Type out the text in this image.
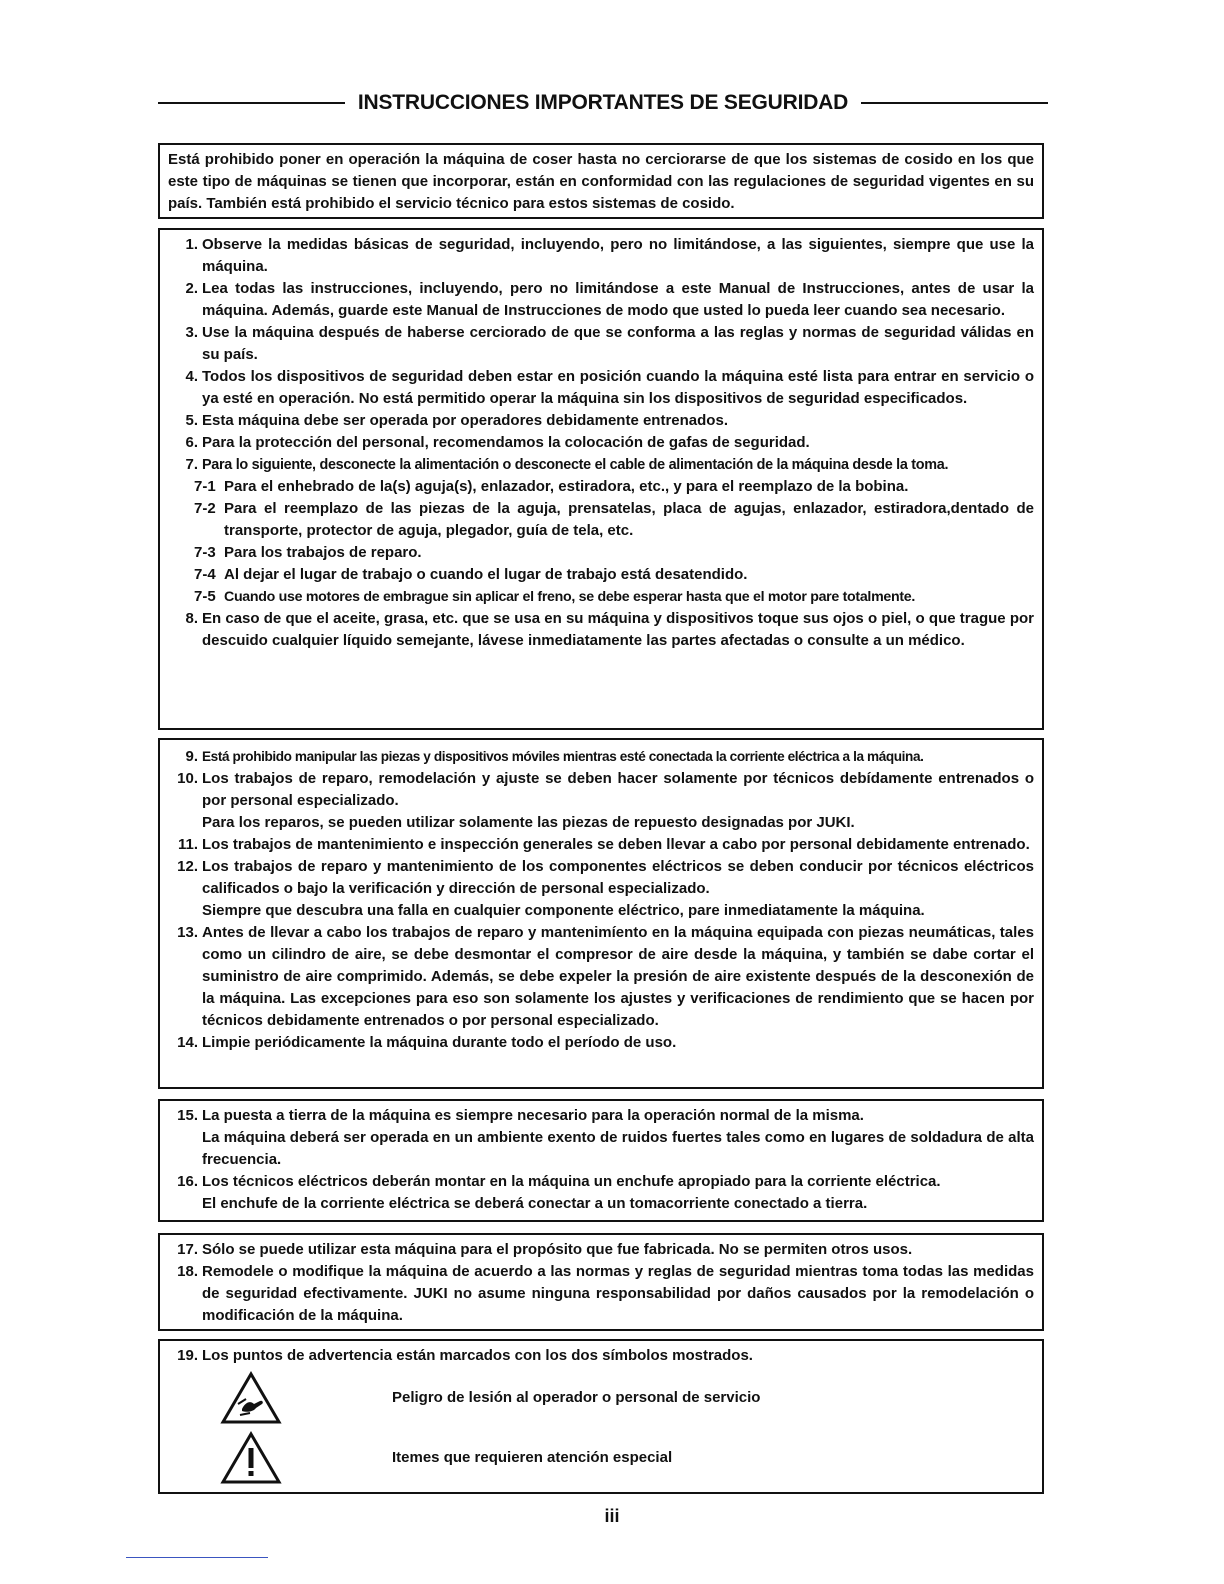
INSTRUCCIONES IMPORTANTES DE SEGURIDAD
Está prohibido poner en operación la máquina de coser hasta no cerciorarse de que los sistemas de cosido en los que este tipo de máquinas se tienen que incorporar, están en conformidad con las regulaciones de seguridad vigentes en su país. También está prohibido el servicio técnico para estos sistemas de cosido.
1. Observe la medidas básicas de seguridad, incluyendo, pero no limitándose, a las siguientes, siempre que use la máquina.
2. Lea todas las instrucciones, incluyendo, pero no limitándose a este Manual de Instrucciones, antes de usar la máquina. Además, guarde este Manual de Instrucciones de modo que usted lo pueda leer cuando sea necesario.
3. Use la máquina después de haberse cerciorado de que se conforma a las reglas y normas de seguridad válidas en su país.
4. Todos los dispositivos de seguridad deben estar en posición cuando la máquina esté lista para entrar en servicio o ya esté en operación. No está permitido operar la máquina sin los dispositivos de seguridad especificados.
5. Esta máquina debe ser operada por operadores debidamente entrenados.
6. Para la protección del personal, recomendamos la colocación de gafas de seguridad.
7. Para lo siguiente, desconecte la alimentación o desconecte el cable de alimentación de la máquina desde la toma.
7-1 Para el enhebrado de la(s) aguja(s), enlazador, estiradora, etc., y para el reemplazo de la bobina.
7-2 Para el reemplazo de las piezas de la aguja, prensatelas, placa de agujas, enlazador, estiradora,dentado de transporte, protector de aguja, plegador, guía de tela, etc.
7-3 Para los trabajos de reparo.
7-4 Al dejar el lugar de trabajo o cuando el lugar de trabajo está desatendido.
7-5 Cuando use motores de embrague sin aplicar el freno, se debe esperar hasta que el motor pare totalmente.
8. En caso de que el aceite, grasa, etc. que se usa en su máquina y dispositivos toque sus ojos o piel, o que trague por descuido cualquier líquido semejante, lávese inmediatamente las partes afectadas o consulte a un médico.
9. Está prohibido manipular las piezas y dispositivos móviles mientras esté conectada la corriente eléctrica a la máquina.
10. Los trabajos de reparo, remodelación y ajuste se deben hacer solamente por técnicos debídamente entrenados o por personal especializado.
Para los reparos, se pueden utilizar solamente las piezas de repuesto designadas por JUKI.
11. Los trabajos de mantenimiento e inspección generales se deben llevar a cabo por personal debidamente entrenado.
12. Los trabajos de reparo y mantenimiento de los componentes eléctricos se deben conducir por técnicos eléctricos calificados o bajo la verificación y dirección de personal especializado.
Siempre que descubra una falla en cualquier componente eléctrico, pare inmediatamente la máquina.
13. Antes de llevar a cabo los trabajos de reparo y mantenimíento en la máquina equipada con piezas neumáticas, tales como un cilindro de aire, se debe desmontar el compresor de aire desde la máquina, y también se dabe cortar el suministro de aire comprimido. Además, se debe expeler la presión de aire existente después de la desconexión de la máquina. Las excepciones para eso son solamente los ajustes y verificaciones de rendimiento que se hacen por técnicos debidamente entrenados o por personal especializado.
14. Limpie periódicamente la máquina durante todo el período de uso.
15. La puesta a tierra de la máquina es siempre necesario para la operación normal de la misma.
La máquina deberá ser operada en un ambiente exento de ruidos fuertes tales como en lugares de soldadura de alta frecuencia.
16. Los técnicos eléctricos deberán montar en la máquina un enchufe apropiado para la corriente eléctrica.
El enchufe de la corriente eléctrica se deberá conectar a un tomacorriente conectado a tierra.
17. Sólo se puede utilizar esta máquina para el propósito que fue fabricada. No se permiten otros usos.
18. Remodele o modifique la máquina de acuerdo a las normas y reglas de seguridad mientras toma todas las medidas de seguridad efectivamente. JUKI no asume ninguna responsabilidad por daños causados por la remodelación o modificación de la máquina.
19. Los puntos de advertencia están marcados con los dos símbolos mostrados.
Peligro de lesión al operador o personal de servicio
Itemes que requieren atención especial
iii
